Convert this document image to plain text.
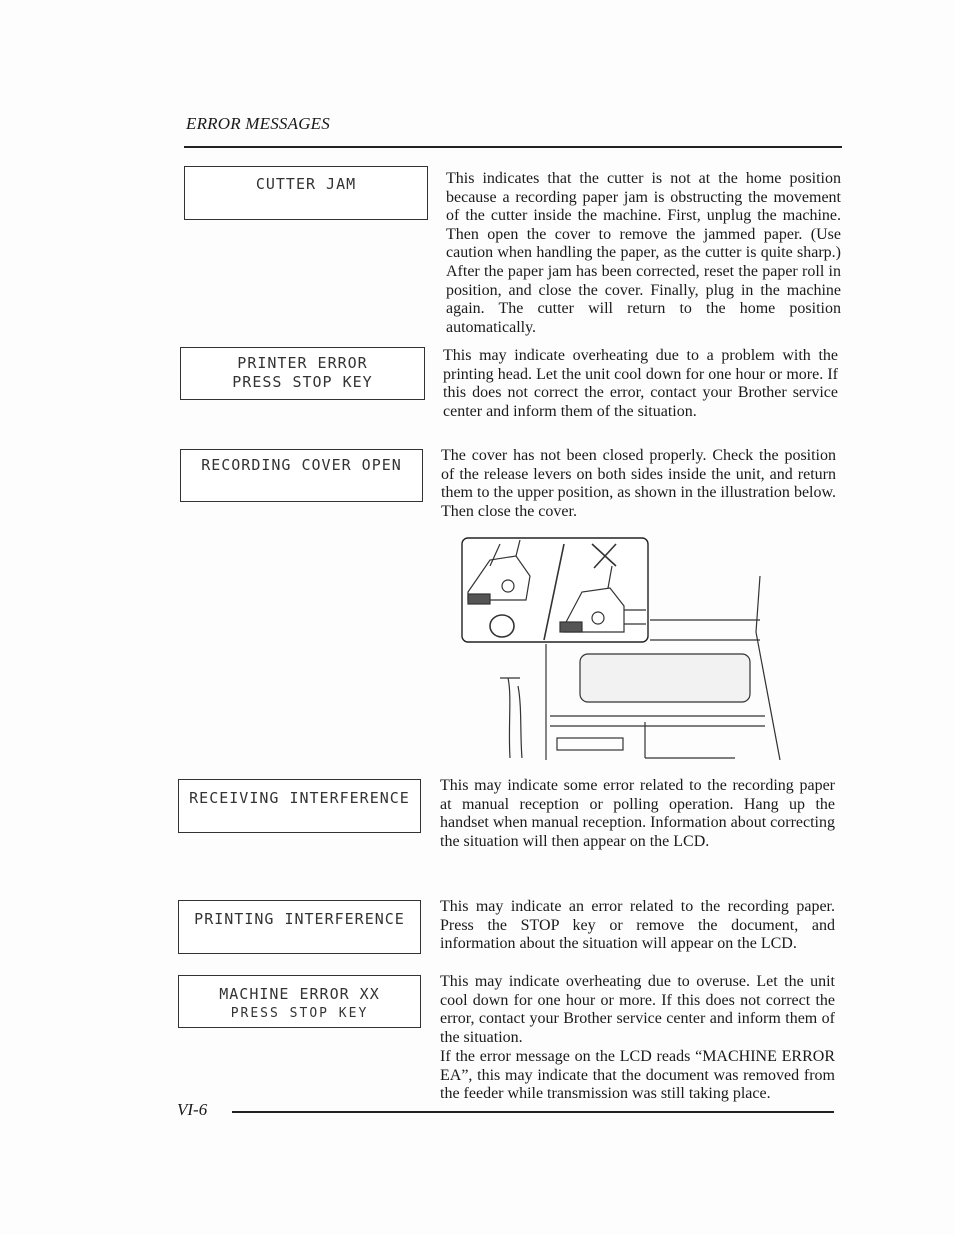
ERROR MESSAGES
CUTTER JAM	This indicates that the cutter is not at the home position because a recording paper jam is obstructing the movement of the cutter inside the machine. First, unplug the machine. Then open the cover to remove the jammed paper. (Use caution when handling the paper, as the cutter is quite sharp.) After the paper jam has been corrected, reset the paper roll in position, and close the cover. Finally, plug in the machine again. The cutter will return to the home position automatically.
PRINTER ERROR
PRESS STOP KEY
This may indicate overheating due to a problem with the printing head. Let the unit cool down for one hour or more. If this does not correct the error, contact your Brother service center and inform them of the situation.
RECORDING COVER OPEN
The cover has not been closed properly. Check the position of the release levers on both sides inside the unit, and return them to the upper position, as shown in the illustration below. Then close the cover.
RECEIVING INTERFERENCE
This may indicate some error related to the recording paper at manual reception or polling operation. Hang up the handset when manual reception. Information about correcting the situation will then appear on the LCD.
PRINTING INTERFERENCE
This may indicate an error related to the recording paper. Press the STOP key or remove the document, and information about the situation will appear on the LCD.
MACHINE ERROR XX
PRESS STOP KEY
This may indicate overheating due to overuse. Let the unit cool down for one hour or more. If this does not correct the error, contact your Brother service center and inform them of the situation.
If the error message on the LCD reads “MACHINE ERROR EA”, this may indicate that the document was removed from the feeder while transmission was still taking place.
VI-6
